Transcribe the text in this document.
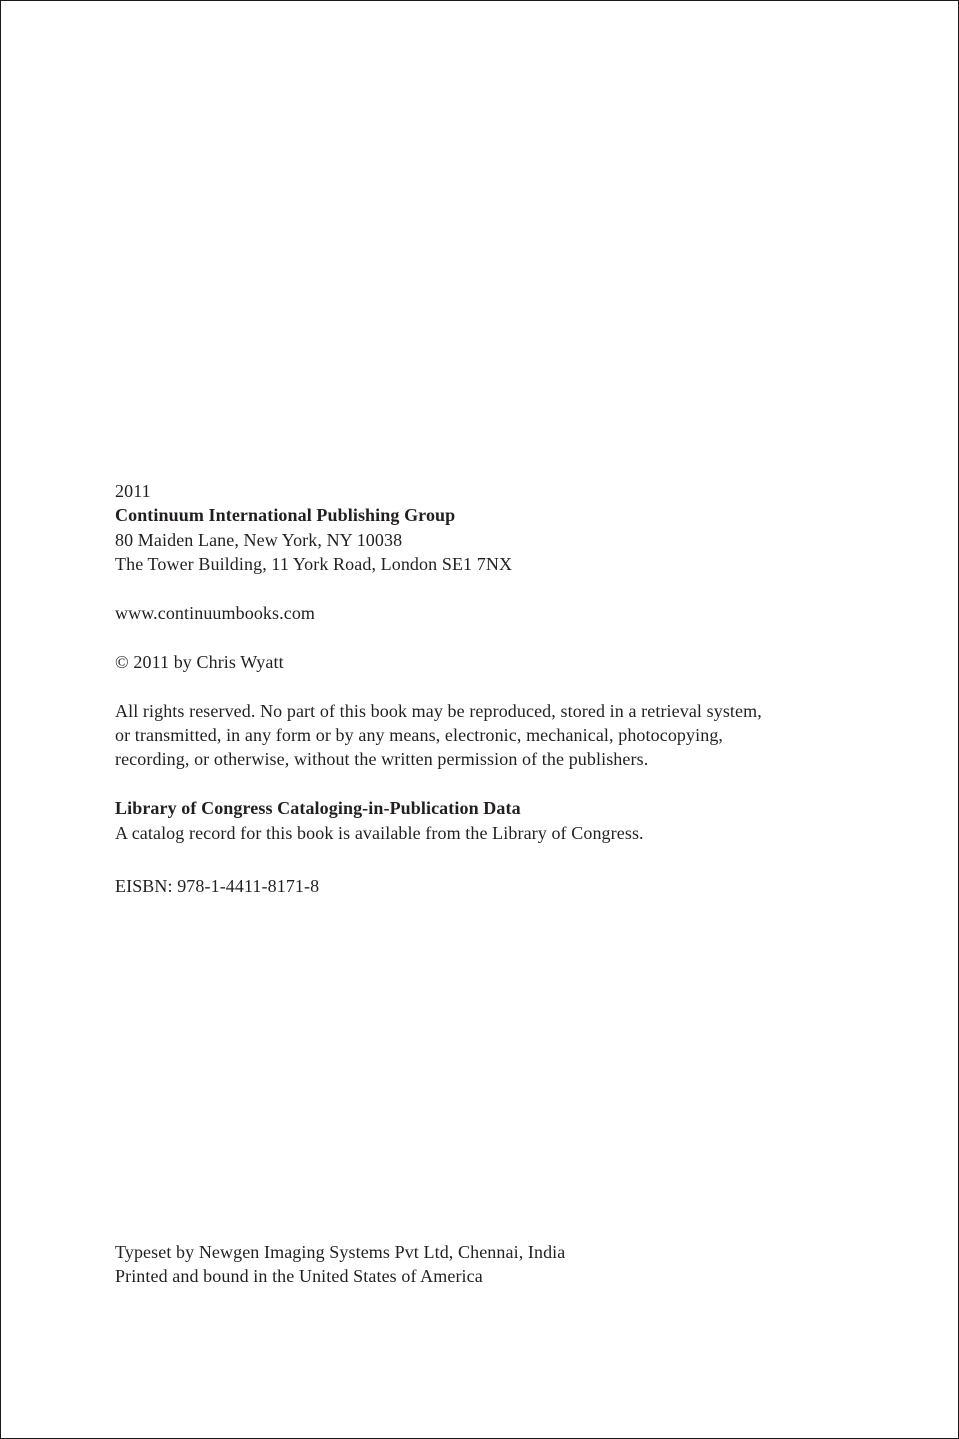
2011
Continuum International Publishing Group
80 Maiden Lane, New York, NY 10038
The Tower Building, 11 York Road, London SE1 7NX
www.continuumbooks.com
© 2011 by Chris Wyatt
All rights reserved. No part of this book may be reproduced, stored in a retrieval system,
or transmitted, in any form or by any means, electronic, mechanical, photocopying,
recording, or otherwise, without the written permission of the publishers.
Library of Congress Cataloging-in-Publication Data
A catalog record for this book is available from the Library of Congress.
EISBN: 978-1-4411-8171-8
Typeset by Newgen Imaging Systems Pvt Ltd, Chennai, India
Printed and bound in the United States of America
